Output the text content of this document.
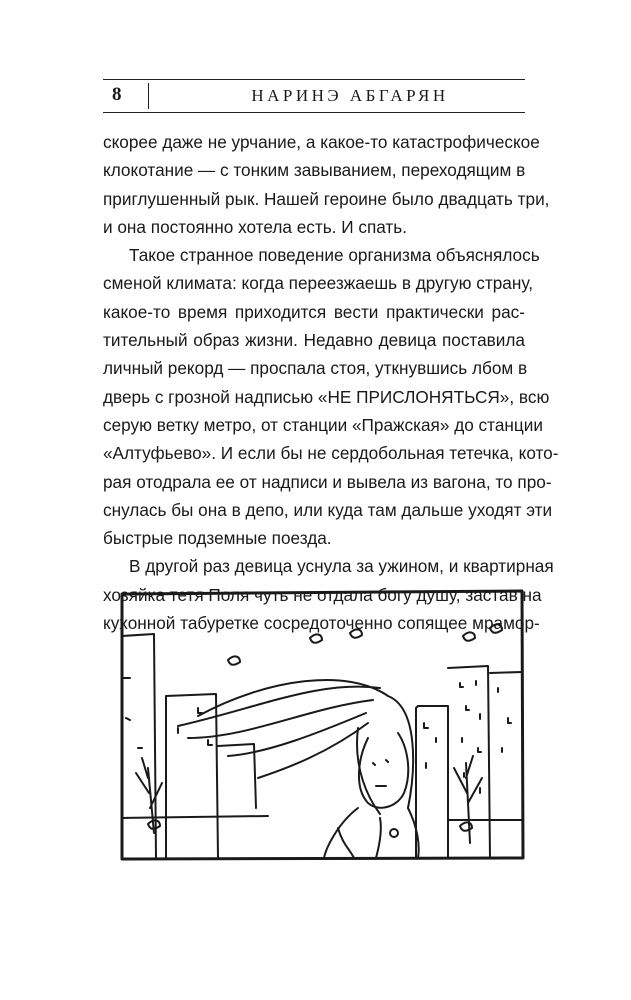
8	НАРИНЭ АБГАРЯН
скорее даже не урчание, а какое-то катастрофическое
клокотание — с тонким завыванием, переходящим в
приглушенный рык. Нашей героине было двадцать три,
и она постоянно хотела есть. И спать.
Такое странное поведение организма объяснялось
сменой климата: когда переезжаешь в другую страну,
какое-то время приходится вести практически рас-
тительный образ жизни. Недавно девица поставила
личный рекорд — проспала стоя, уткнувшись лбом в
дверь с грозной надписью «НЕ ПРИСЛОНЯТЬСЯ», всю
серую ветку метро, от станции «Пражская» до станции
«Алтуфьево». И если бы не сердобольная тетечка, кото-
рая отодрала ее от надписи и вывела из вагона, то про-
снулась бы она в депо, или куда там дальше уходят эти
быстрые подземные поезда.
В другой раз девица уснула за ужином, и квартирная
хозяйка тетя Поля чуть не отдала богу душу, застав на
кухонной табуретке сосредоточенно сопящее мрамор-
